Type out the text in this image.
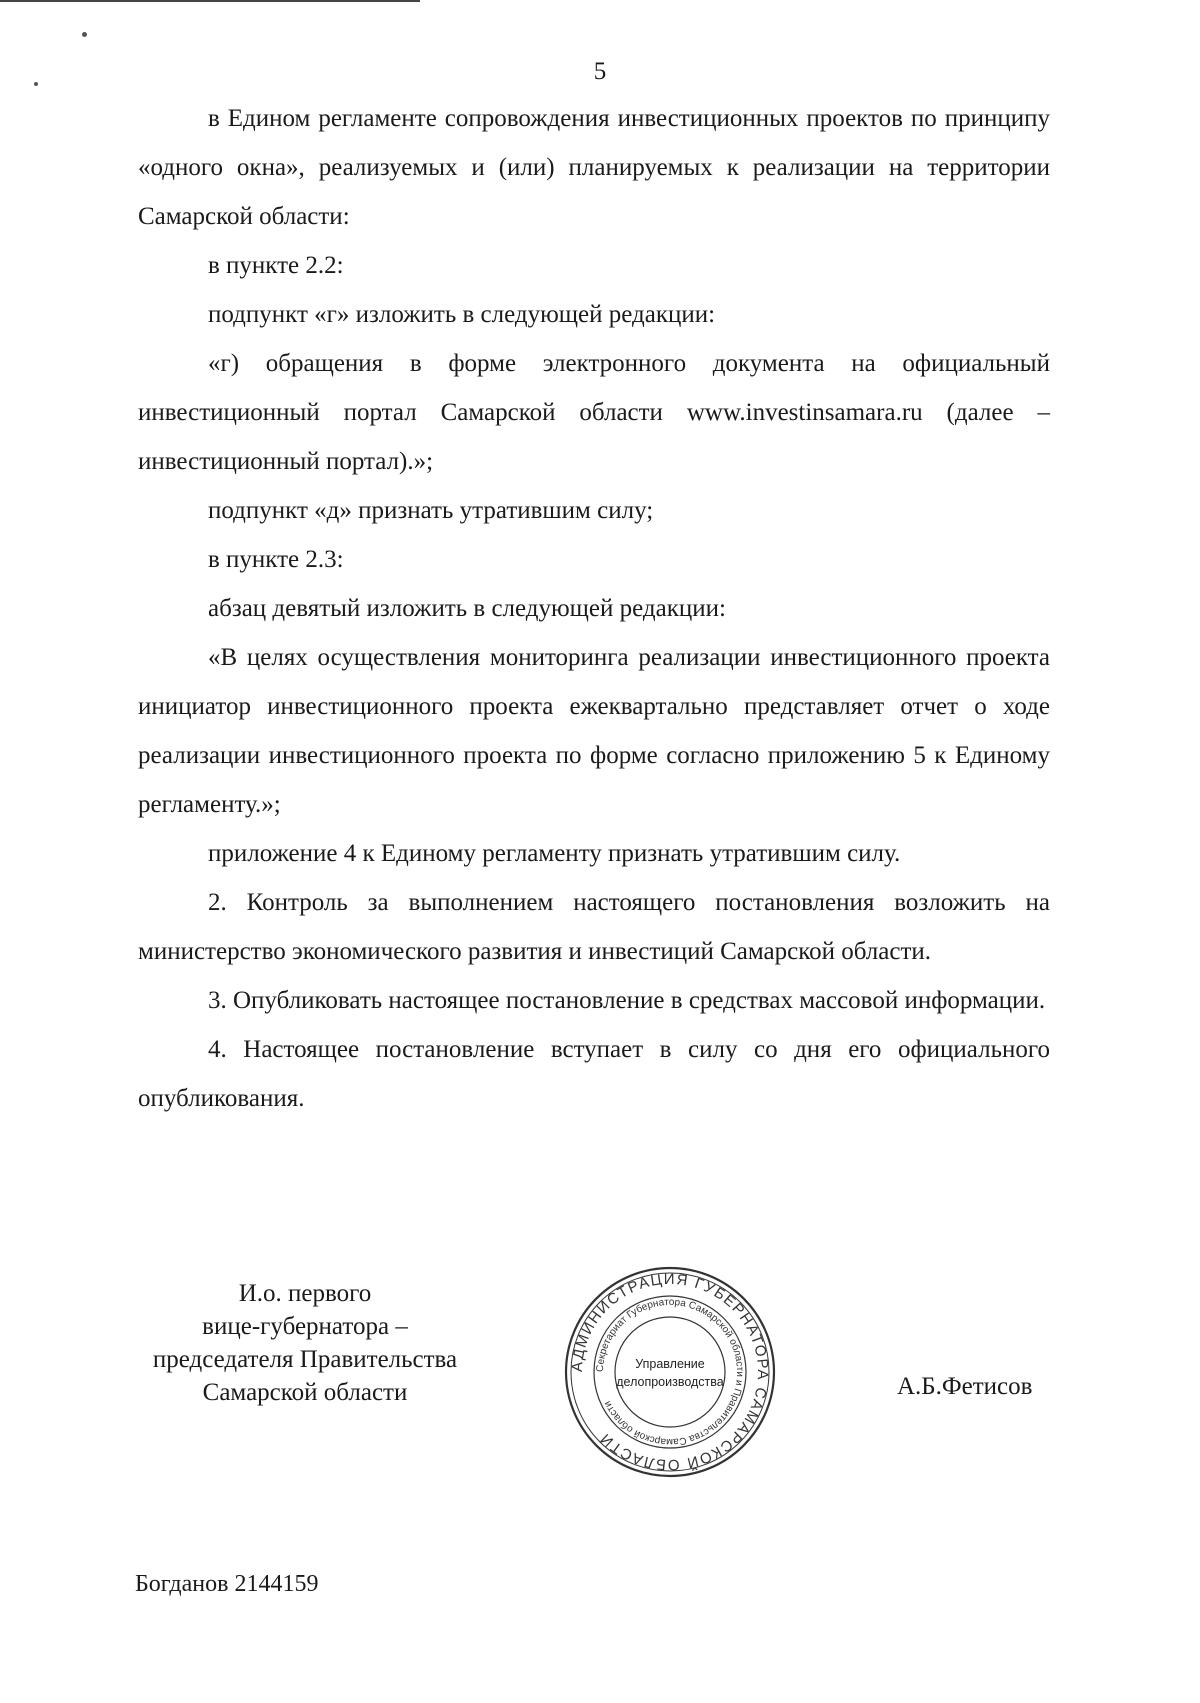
5

в Едином регламенте сопровождения инвестиционных проектов по принципу «одного окна», реализуемых и (или) планируемых к реализации на территории Самарской области:

в пункте 2.2:

подпункт «г» изложить в следующей редакции:

«г) обращения в форме электронного документа на официальный инвестиционный портал Самарской области www.investinsamara.ru (далее – инвестиционный портал).»;

подпункт «д» признать утратившим силу;

в пункте 2.3:

абзац девятый изложить в следующей редакции:

«В целях осуществления мониторинга реализации инвестиционного проекта инициатор инвестиционного проекта ежеквартально представляет отчет о ходе реализации инвестиционного проекта по форме согласно приложению 5 к Единому регламенту.»;

приложение 4 к Единому регламенту признать утратившим силу.

2. Контроль за выполнением настоящего постановления возложить на министерство экономического развития и инвестиций Самарской области.

3. Опубликовать настоящее постановление в средствах массовой информации.

4. Настоящее постановление вступает в силу со дня его официального опубликования.

И.о. первого
вице-губернатора –
председателя Правительства
Самарской области
АДМИНИСТРАЦИЯ ГУБЕРНАТОРА САМАРСКОЙ ОБЛАСТИ
Секретариат Губернатора Самарской области и Правительства Самарской области
Управление
делопроизводства	А.Б.Фетисов
Богданов 2144159
